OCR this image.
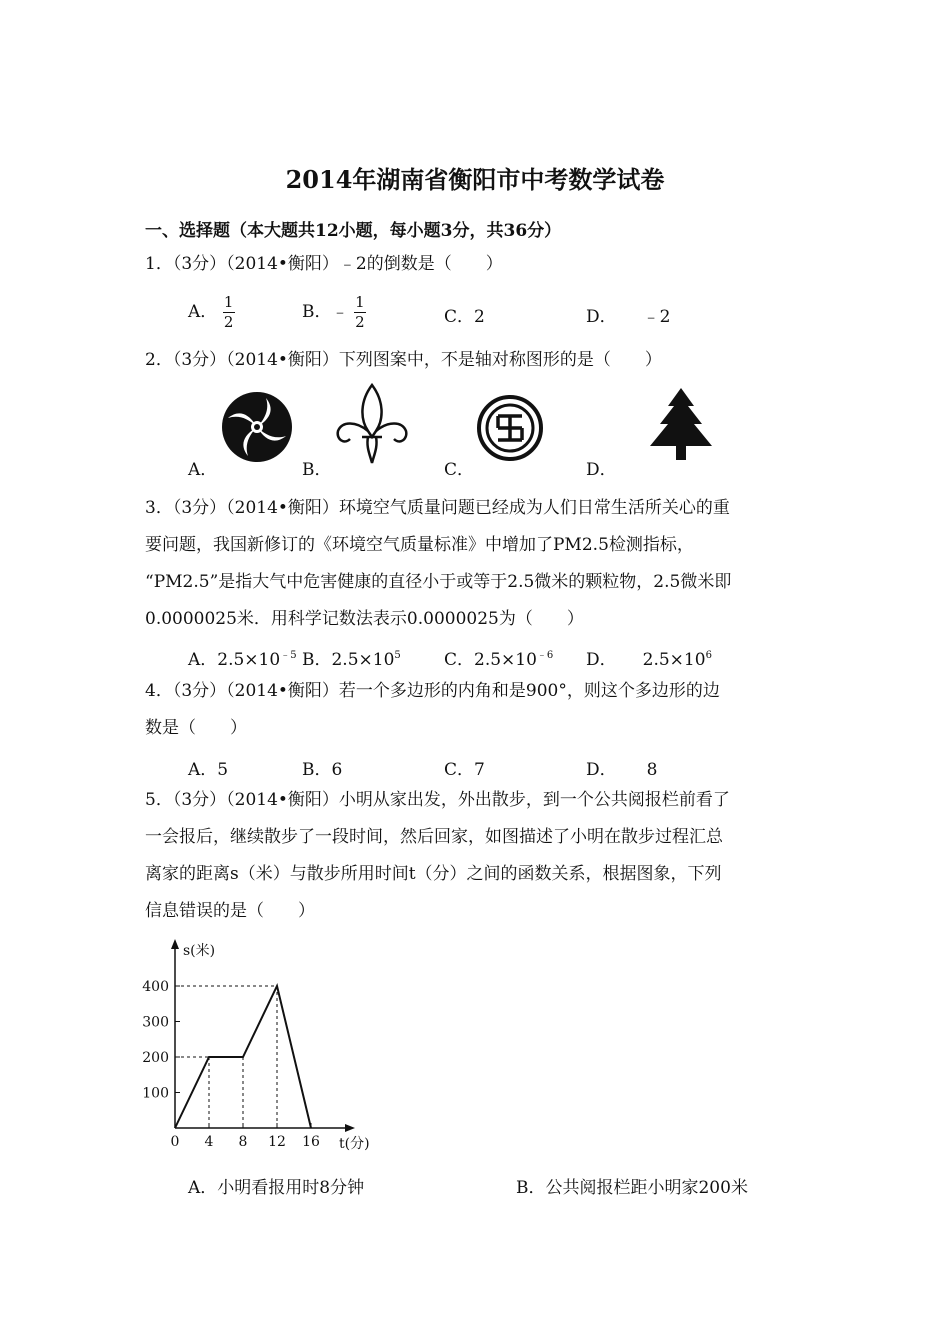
2014年湖南省衡阳市中考数学试卷
一、选择题（本大题共12小题，每小题3分，共36分）
1．（3分）（2014•衡阳）﹣2的倒数是（　　）
A． $\frac{1}{2}$	B．﹣ $\frac{1}{2}$	C．2	D． ﹣2
2．（3分）（2014•衡阳）下列图案中，不是轴对称图形的是（　　）
A．	B．	C．	D．
3．（3分）（2014•衡阳）环境空气质量问题已经成为人们日常生活所关心的重
要问题，我国新修订的《环境空气质量标准》中增加了PM2.5检测指标，
“PM2.5”是指大气中危害健康的直径小于或等于2.5微米的颗粒物，2.5微米即
0.0000025米．用科学记数法表示0.0000025为（　　）
A．$2.5\times 10^{﹣5}$ B．$2.5\times 10^5$	C．$2.5\times 10^{﹣6}$ D． $2.5\times 10^6$
4．（3分）（2014•衡阳）若一个多边形的内角和是900°，则这个多边形的边
数是（　　）
A．5	B．6	C．7	D． 8
5．（3分）（2014•衡阳）小明从家出发，外出散步，到一个公共阅报栏前看了
一会报后，继续散步了一段时间，然后回家，如图描述了小明在散步过程汇总
离家的距离s（米）与散步所用时间t（分）之间的函数关系，根据图象，下列
信息错误的是（　　）
100
200
300
400
0 4 8 12 16
s(米)
t(分)
A．小明看报用时8分钟	B．公共阅报栏距小明家200米
